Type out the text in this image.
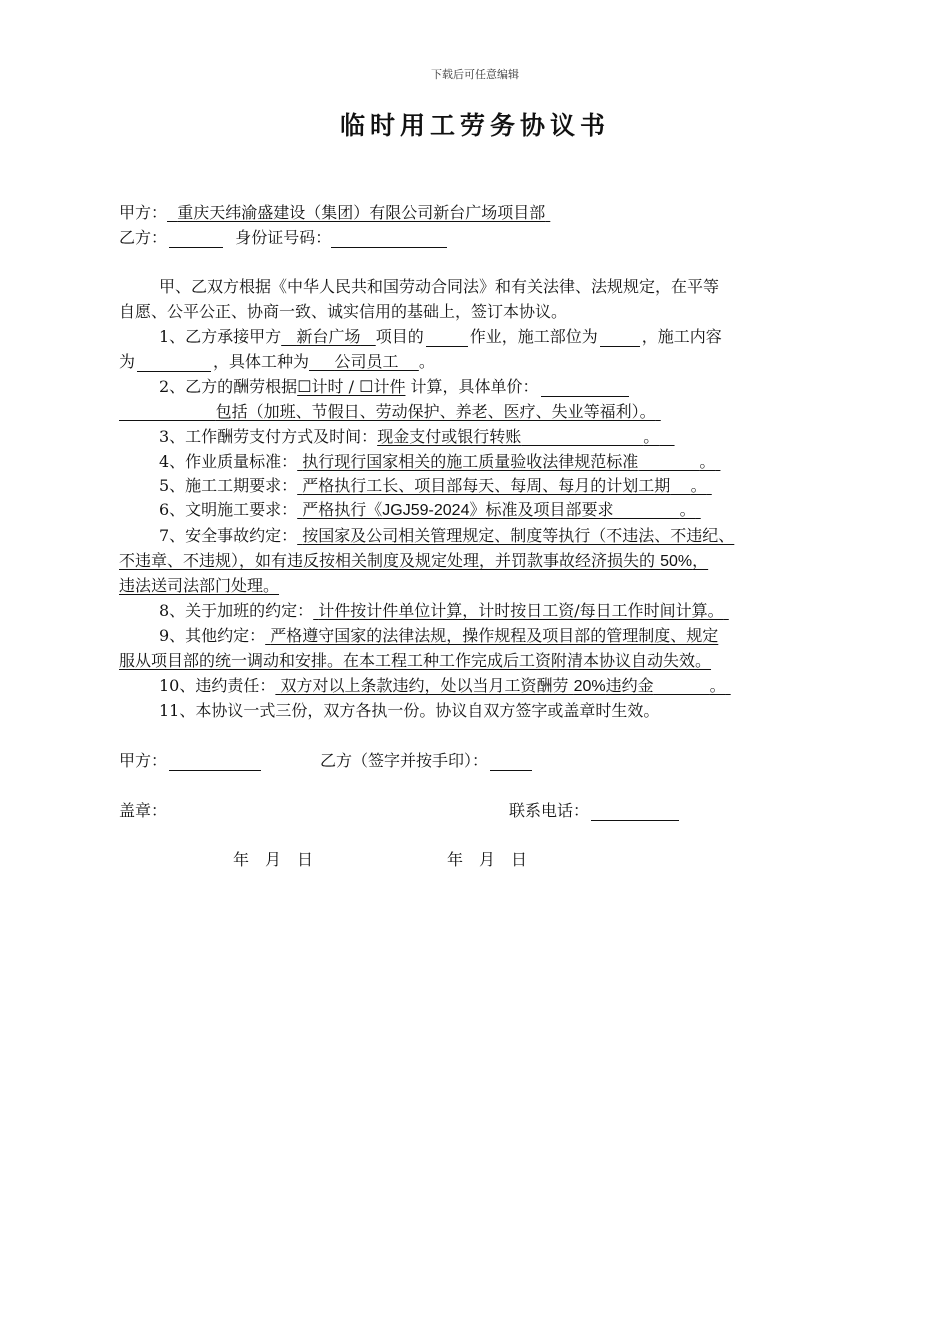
下载后可任意编辑
临时用工劳务协议书
甲方： 重庆天纬渝盛建设（集团）有限公司新台广场项目部
乙方：	身份证号码：
甲、乙双方根据《中华人民共和国劳动合同法》和有关法律、法规规定，在平等
自愿、公平公正、协商一致、诚实信用的基础上，签订本协议。
1、乙方承接甲方 新台广场 项目的	作业，施工部位为	，施工内容
为	，具体工种为 公司员工 。
2、乙方的酬劳根据☐计时 / ☐计件 计算，具体单价：
包括（加班、节假日、劳动保护、养老、医疗、失业等福利）。
3、工作酬劳支付方式及时间：现金支付或银行转账	。
4、作业质量标准： 执行现行国家相关的施工质量验收法律规范标准	。
5、施工工期要求： 严格执行工长、项目部每天、每周、每月的计划工期 。
6、文明施工要求： 严格执行《JGJ59-2024》标准及项目部要求	。
7、安全事故约定： 按国家及公司相关管理规定、制度等执行（不违法、不违纪、
不违章、不违规），如有违反按相关制度及规定处理，并罚款事故经济损失的 50%，
违法送司法部门处理。
8、关于加班的约定： 计件按计件单位计算，计时按日工资/每日工作时间计算。
9、其他约定： 严格遵守国家的法律法规，操作规程及项目部的管理制度、规定
服从项目部的统一调动和安排。在本工程工种工作完成后工资附清本协议自动失效。
10、违约责任： 双方对以上条款违约，处以当月工资酬劳 20%违约金	。
11、本协议一式三份，双方各执一份。协议自双方签字或盖章时生效。
甲方：	乙方（签字并按手印）：
盖章：	联系电话：
年　月　日	年　月　日
